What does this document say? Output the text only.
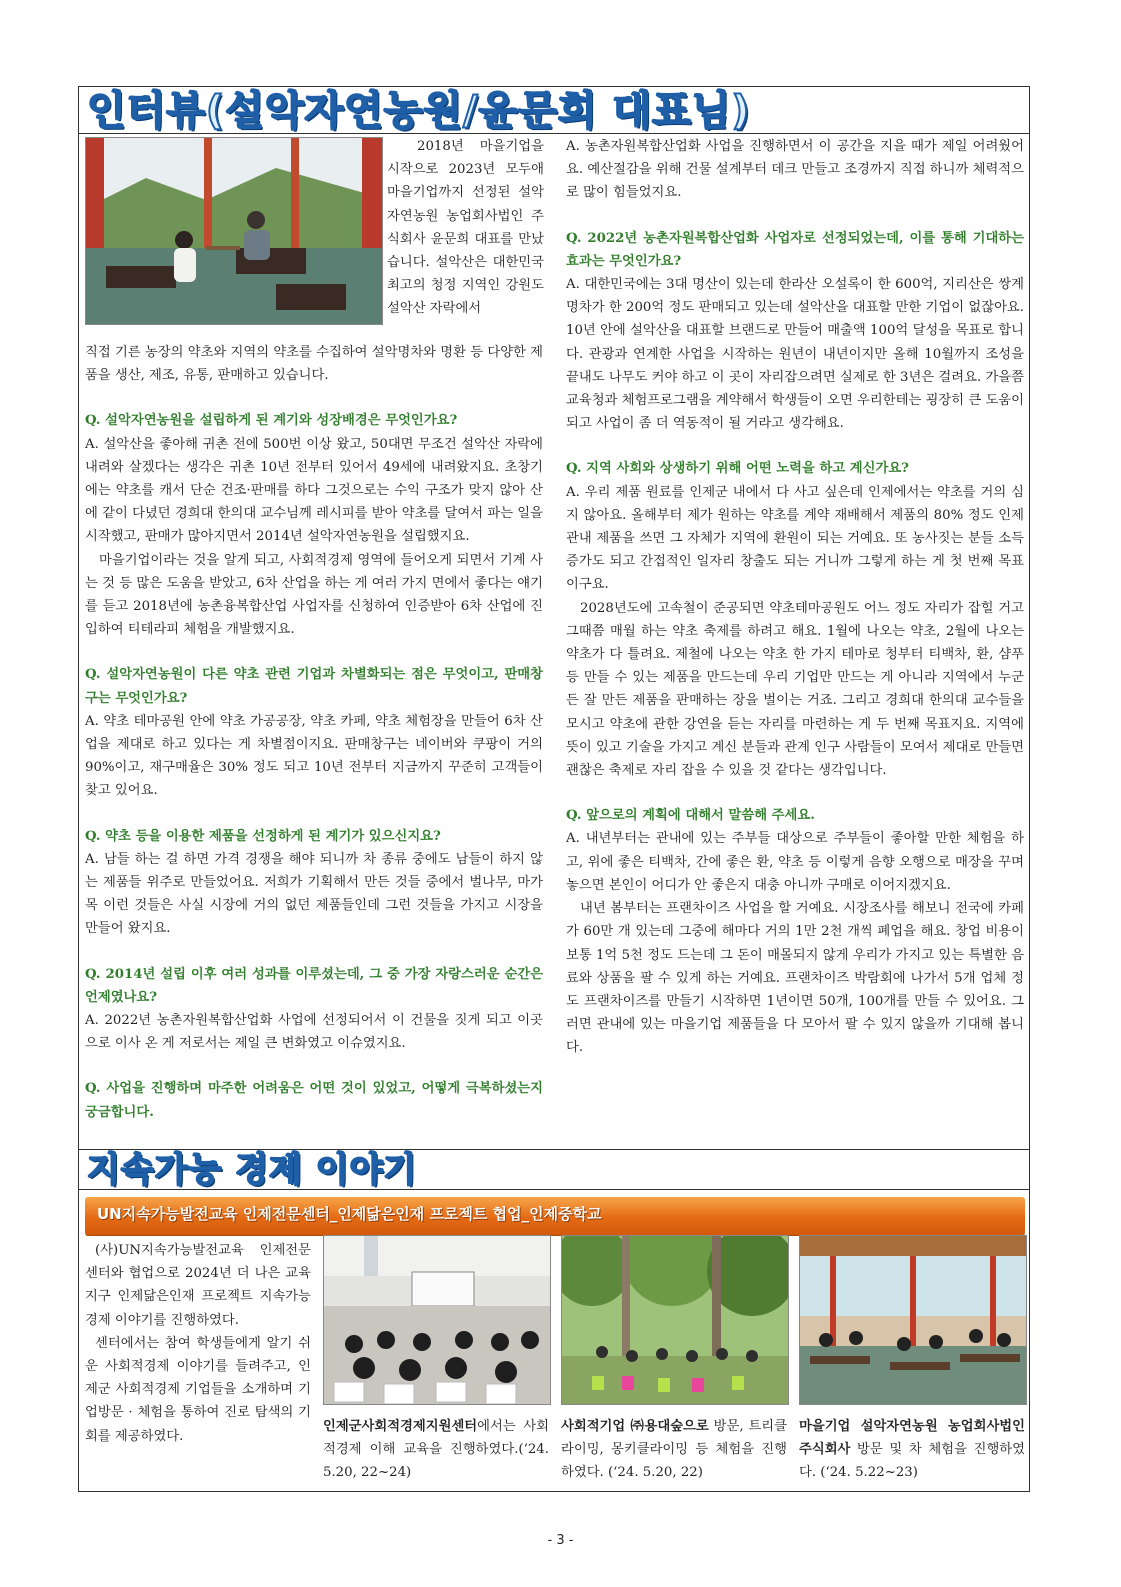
인터뷰(설악자연농원/윤문희 대표님)

2018년 마을기업을 시작으로 2023년 모두애 마을기업까지 선정된 설악자연농원 농업회사법인 주식회사 윤문희 대표를 만났습니다. 설악산은 대한민국 최고의 청정 지역인 강원도 설악산 자락에서

직접 기른 농장의 약초와 지역의 약초를 수집하여 설악명차와 명환 등 다양한 제품을 생산, 제조, 유통, 판매하고 있습니다.

Q. 설악자연농원을 설립하게 된 계기와 성장배경은 무엇인가요?

A. 설악산을 좋아해 귀촌 전에 500번 이상 왔고, 50대면 무조건 설악산 자락에 내려와 살겠다는 생각은 귀촌 10년 전부터 있어서 49세에 내려왔지요. 초창기에는 약초를 캐서 단순 건조·판매를 하다 그것으로는 수익 구조가 맞지 않아 산에 같이 다녔던 경희대 한의대 교수님께 레시피를 받아 약초를 달여서 파는 일을 시작했고, 판매가 많아지면서 2014년 설악자연농원을 설립했지요.

마을기업이라는 것을 알게 되고, 사회적경제 영역에 들어오게 되면서 기계 사는 것 등 많은 도움을 받았고, 6차 산업을 하는 게 여러 가지 면에서 좋다는 얘기를 듣고 2018년에 농촌융복합산업 사업자를 신청하여 인증받아 6차 산업에 진입하여 티테라피 체험을 개발했지요.

Q. 설악자연농원이 다른 약초 관련 기업과 차별화되는 점은 무엇이고, 판매창구는 무엇인가요?

A. 약초 테마공원 안에 약초 가공공장, 약초 카페, 약초 체험장을 만들어 6차 산업을 제대로 하고 있다는 게 차별점이지요. 판매창구는 네이버와 쿠팡이 거의 90%이고, 재구매율은 30% 정도 되고 10년 전부터 지금까지 꾸준히 고객들이 찾고 있어요.

Q. 약초 등을 이용한 제품을 선정하게 된 계기가 있으신지요?

A. 남들 하는 걸 하면 가격 경쟁을 해야 되니까 차 종류 중에도 남들이 하지 않는 제품들 위주로 만들었어요. 저희가 기획해서 만든 것들 중에서 벌나무, 마가목 이런 것들은 사실 시장에 거의 없던 제품들인데 그런 것들을 가지고 시장을 만들어 왔지요.

Q. 2014년 설립 이후 여러 성과를 이루셨는데, 그 중 가장 자랑스러운 순간은 언제였나요?

A. 2022년 농촌자원복합산업화 사업에 선정되어서 이 건물을 짓게 되고 이곳으로 이사 온 게 저로서는 제일 큰 변화였고 이슈였지요.

Q. 사업을 진행하며 마주한 어려움은 어떤 것이 있었고, 어떻게 극복하셨는지 궁금합니다.

A. 농촌자원복합산업화 사업을 진행하면서 이 공간을 지을 때가 제일 어려웠어요. 예산절감을 위해 건물 설계부터 데크 만들고 조경까지 직접 하니까 체력적으로 많이 힘들었지요.

Q. 2022년 농촌자원복합산업화 사업자로 선정되었는데, 이를 통해 기대하는 효과는 무엇인가요?

A. 대한민국에는 3대 명산이 있는데 한라산 오설록이 한 600억, 지리산은 쌍계명차가 한 200억 정도 판매되고 있는데 설악산을 대표할 만한 기업이 없잖아요. 10년 안에 설악산을 대표할 브랜드로 만들어 매출액 100억 달성을 목표로 합니다. 관광과 연계한 사업을 시작하는 원년이 내년이지만 올해 10월까지 조성을 끝내도 나무도 커야 하고 이 곳이 자리잡으려면 실제로 한 3년은 걸려요. 가을쯤 교육청과 체험프로그램을 계약해서 학생들이 오면 우리한테는 굉장히 큰 도움이 되고 사업이 좀 더 역동적이 될 거라고 생각해요.

Q. 지역 사회와 상생하기 위해 어떤 노력을 하고 계신가요?

A. 우리 제품 원료를 인제군 내에서 다 사고 싶은데 인제에서는 약초를 거의 심지 않아요. 올해부터 제가 원하는 약초를 계약 재배해서 제품의 80% 정도 인제 관내 제품을 쓰면 그 자체가 지역에 환원이 되는 거예요. 또 농사짓는 분들 소득 증가도 되고 간접적인 일자리 창출도 되는 거니까 그렇게 하는 게 첫 번째 목표이구요.

2028년도에 고속철이 준공되면 약초테마공원도 어느 정도 자리가 잡힐 거고 그때쯤 매월 하는 약초 축제를 하려고 해요. 1월에 나오는 약초, 2월에 나오는 약초가 다 틀려요. 제철에 나오는 약초 한 가지 테마로 청부터 티백차, 환, 샴푸 등 만들 수 있는 제품을 만드는데 우리 기업만 만드는 게 아니라 지역에서 누군든 잘 만든 제품을 판매하는 장을 벌이는 거죠. 그리고 경희대 한의대 교수들을 모시고 약초에 관한 강연을 듣는 자리를 마련하는 게 두 번째 목표지요. 지역에 뜻이 있고 기술을 가지고 계신 분들과 관계 인구 사람들이 모여서 제대로 만들면 괜찮은 축제로 자리 잡을 수 있을 것 같다는 생각입니다.

Q. 앞으로의 계획에 대해서 말씀해 주세요.

A. 내년부터는 관내에 있는 주부들 대상으로 주부들이 좋아할 만한 체험을 하고, 위에 좋은 티백차, 간에 좋은 환, 약초 등 이렇게 음향 오행으로 매장을 꾸며 놓으면 본인이 어디가 안 좋은지 대충 아니까 구매로 이어지겠지요.

내년 봄부터는 프랜차이즈 사업을 할 거예요. 시장조사를 해보니 전국에 카페가 60만 개 있는데 그중에 해마다 거의 1만 2천 개씩 폐업을 해요. 창업 비용이 보통 1억 5천 정도 드는데 그 돈이 매몰되지 않게 우리가 가지고 있는 특별한 음료와 상품을 팔 수 있게 하는 거예요. 프랜차이즈 박람회에 나가서 5개 업체 정도 프랜차이즈를 만들기 시작하면 1년이면 50개, 100개를 만들 수 있어요. 그러면 관내에 있는 마을기업 제품들을 다 모아서 팔 수 있지 않을까 기대해 봅니다.

지속가능 경제 이야기
UN지속가능발전교육 인제전문센터_인제닮은인재 프로젝트 협업_인제중학교

(사)UN지속가능발전교육 인제전문센터와 협업으로 2024년 더 나은 교육지구 인제닮은인재 프로젝트 지속가능 경제 이야기를 진행하였다.

센터에서는 참여 학생들에게 알기 쉬운 사회적경제 이야기를 들려주고, 인제군 사회적경제 기업들을 소개하며 기업방문 · 체험을 통하여 진로 탐색의 기회를 제공하였다.

인제군사회적경제지원센터에서는 사회적경제 이해 교육을 진행하였다.(‘24. 5.20, 22~24)
사회적기업 ㈜용대숲으로 방문, 트리클라이밍, 몽키클라이밍 등 체험을 진행하였다. (‘24. 5.20, 22)
마을기업 설악자연농원 농업회사법인 주식회사 방문 및 차 체험을 진행하였다. (‘24. 5.22~23)
- 3 -
